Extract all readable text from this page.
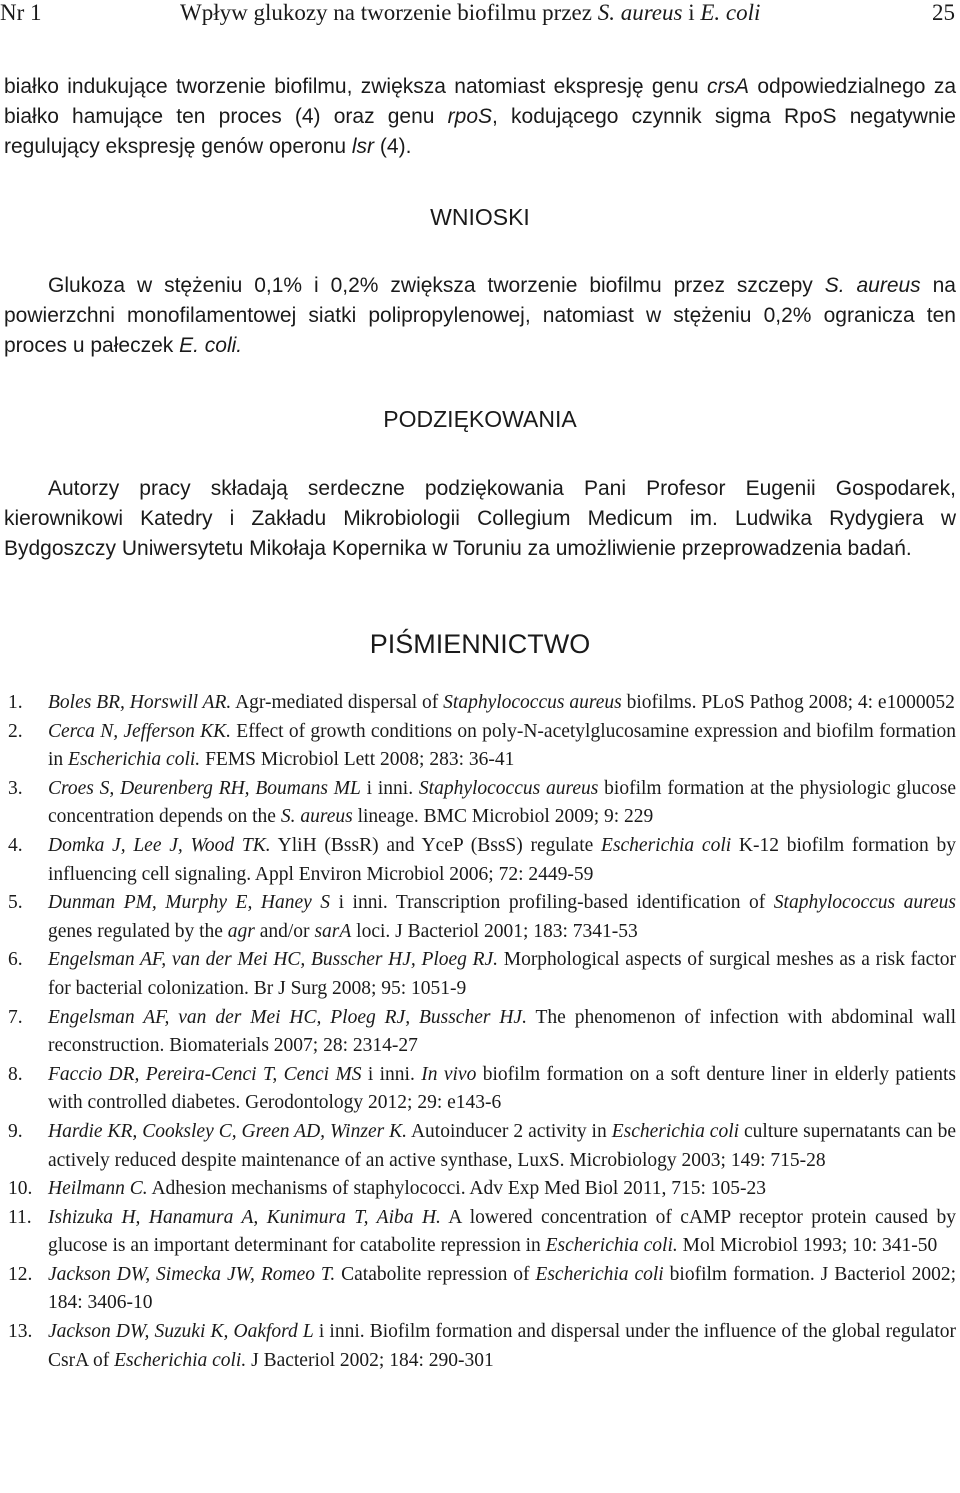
Nr 1	Wpływ glukozy na tworzenie biofilmu przez S. aureus i E. coli	25

białko indukujące tworzenie biofilmu, zwiększa natomiast ekspresję genu crsA odpowiedzialnego za białko hamujące ten proces (4) oraz genu rpoS, kodującego czynnik sigma RpoS negatywnie regulujący ekspresję genów operonu lsr (4).

WNIOSKI

Glukoza w stężeniu 0,1% i 0,2% zwiększa tworzenie biofilmu przez szczepy S. aureus na powierzchni monofilamentowej siatki polipropylenowej, natomiast w stężeniu 0,2% ogranicza ten proces u pałeczek E. coli.

PODZIĘKOWANIA

Autorzy pracy składają serdeczne podziękowania Pani Profesor Eugenii Gospodarek, kierownikowi Katedry i Zakładu Mikrobiologii Collegium Medicum im. Ludwika Rydygiera w Bydgoszczy Uniwersytetu Mikołaja Kopernika w Toruniu za umożliwienie przeprowadzenia badań.

PIŚMIENNICTWO
1. Boles BR, Horswill AR. Agr-mediated dispersal of Staphylococcus aureus biofilms. PLoS Pathog 2008; 4: e1000052
2. Cerca N, Jefferson KK. Effect of growth conditions on poly-N-acetylglucosamine expression and biofilm formation in Escherichia coli. FEMS Microbiol Lett 2008; 283: 36-41
3. Croes S, Deurenberg RH, Boumans ML i inni. Staphylococcus aureus biofilm formation at the physiologic glucose concentration depends on the S. aureus lineage. BMC Microbiol 2009; 9: 229
4. Domka J, Lee J, Wood TK. YliH (BssR) and YceP (BssS) regulate Escherichia coli K-12 biofilm formation by influencing cell signaling. Appl Environ Microbiol 2006; 72: 2449-59
5. Dunman PM, Murphy E, Haney S i inni. Transcription profiling-based identification of Staphylococcus aureus genes regulated by the agr and/or sarA loci. J Bacteriol 2001; 183: 7341-53
6. Engelsman AF, van der Mei HC, Busscher HJ, Ploeg RJ. Morphological aspects of surgical meshes as a risk factor for bacterial colonization. Br J Surg 2008; 95: 1051-9
7. Engelsman AF, van der Mei HC, Ploeg RJ, Busscher HJ. The phenomenon of infection with abdominal wall reconstruction. Biomaterials 2007; 28: 2314-27
8. Faccio DR, Pereira-Cenci T, Cenci MS i inni. In vivo biofilm formation on a soft denture liner in elderly patients with controlled diabetes. Gerodontology 2012; 29: e143-6
9. Hardie KR, Cooksley C, Green AD, Winzer K. Autoinducer 2 activity in Escherichia coli culture supernatants can be actively reduced despite maintenance of an active synthase, LuxS. Microbiology 2003; 149: 715-28
10. Heilmann C. Adhesion mechanisms of staphylococci. Adv Exp Med Biol 2011, 715: 105-23
11. Ishizuka H, Hanamura A, Kunimura T, Aiba H. A lowered concentration of cAMP receptor protein caused by glucose is an important determinant for catabolite repression in Escherichia coli. Mol Microbiol 1993; 10: 341-50
12. Jackson DW, Simecka JW, Romeo T. Catabolite repression of Escherichia coli biofilm formation. J Bacteriol 2002; 184: 3406-10
13. Jackson DW, Suzuki K, Oakford L i inni. Biofilm formation and dispersal under the influence of the global regulator CsrA of Escherichia coli. J Bacteriol 2002; 184: 290-301
